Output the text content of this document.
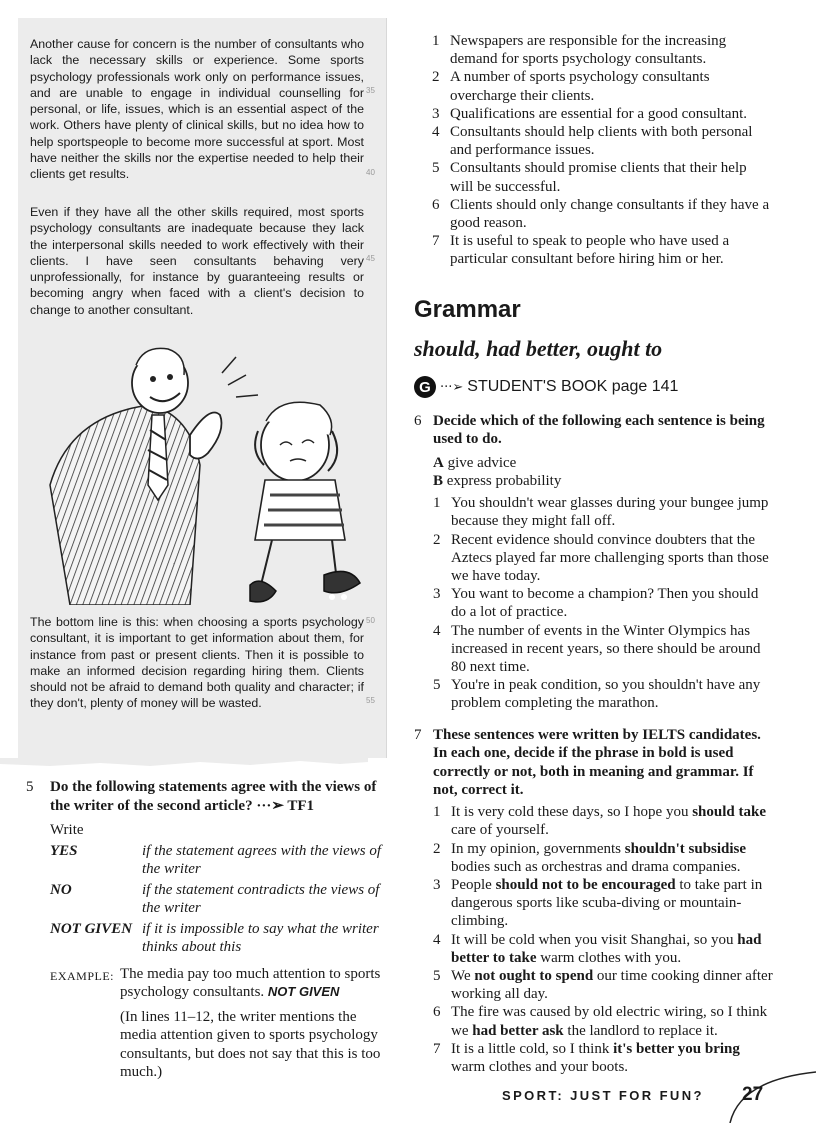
Another cause for concern is the number of consultants who lack the necessary skills or experience. Some sports psychology professionals work only on performance issues, and are unable to engage in individual counselling for personal, or life, issues, which is an essential aspect of the work. Others have plenty of clinical skills, but no idea how to help sportspeople to become more successful at sport. Most have neither the skills nor the expertise needed to help their clients get results.

Even if they have all the other skills required, most sports psychology consultants are inadequate because they lack the interpersonal skills needed to work effectively with their clients. I have seen consultants behaving very unprofessionally, for instance by guaranteeing results or becoming angry when faced with a client's decision to change to another consultant.

The bottom line is this: when choosing a sports psychology consultant, it is important to get information about them, for instance from past or present clients. Then it is possible to make an informed decision regarding hiring them. Clients should not be afraid to demand both quality and character; if they don't, plenty of money will be wasted.

35
40
45
50
55
5 Do the following statements agree with the views of the writer of the second article? ···➢ TF1
Write
YES	if the statement agrees with the views of the writer
NO	if the statement contradicts the views of the writer
NOT GIVEN if it is impossible to say what the writer thinks about this
EXAMPLE: The media pay too much attention to sports psychology consultants. NOT GIVEN
(In lines 11–12, the writer mentions the media attention given to sports psychology consultants, but does not say that this is too much.)
1 Newspapers are responsible for the increasing demand for sports psychology consultants.
2 A number of sports psychology consultants overcharge their clients.
3 Qualifications are essential for a good consultant.
4 Consultants should help clients with both personal and performance issues.
5 Consultants should promise clients that their help will be successful.
6 Clients should only change consultants if they have a good reason.
7 It is useful to speak to people who have used a particular consultant before hiring him or her.
Grammar
should, had better, ought to
G ···➢ STUDENT'S BOOK page 141
6 Decide which of the following each sentence is being used to do.
A give advice
B express probability
1 You shouldn't wear glasses during your bungee jump because they might fall off.
2 Recent evidence should convince doubters that the Aztecs played far more challenging sports than those we have today.
3 You want to become a champion? Then you should do a lot of practice.
4 The number of events in the Winter Olympics has increased in recent years, so there should be around 80 next time.
5 You're in peak condition, so you shouldn't have any problem completing the marathon.
7 These sentences were written by IELTS candidates. In each one, decide if the phrase in bold is used correctly or not, both in meaning and grammar. If not, correct it.
1 It is very cold these days, so I hope you should take care of yourself.
2 In my opinion, governments shouldn't subsidise bodies such as orchestras and drama companies.
3 People should not to be encouraged to take part in dangerous sports like scuba-diving or mountain-climbing.
4 It will be cold when you visit Shanghai, so you had better to take warm clothes with you.
5 We not ought to spend our time cooking dinner after working all day.
6 The fire was caused by old electric wiring, so I think we had better ask the landlord to replace it.
7 It is a little cold, so I think it's better you bring warm clothes and your boots.
SPORT: JUST FOR FUN? 27
